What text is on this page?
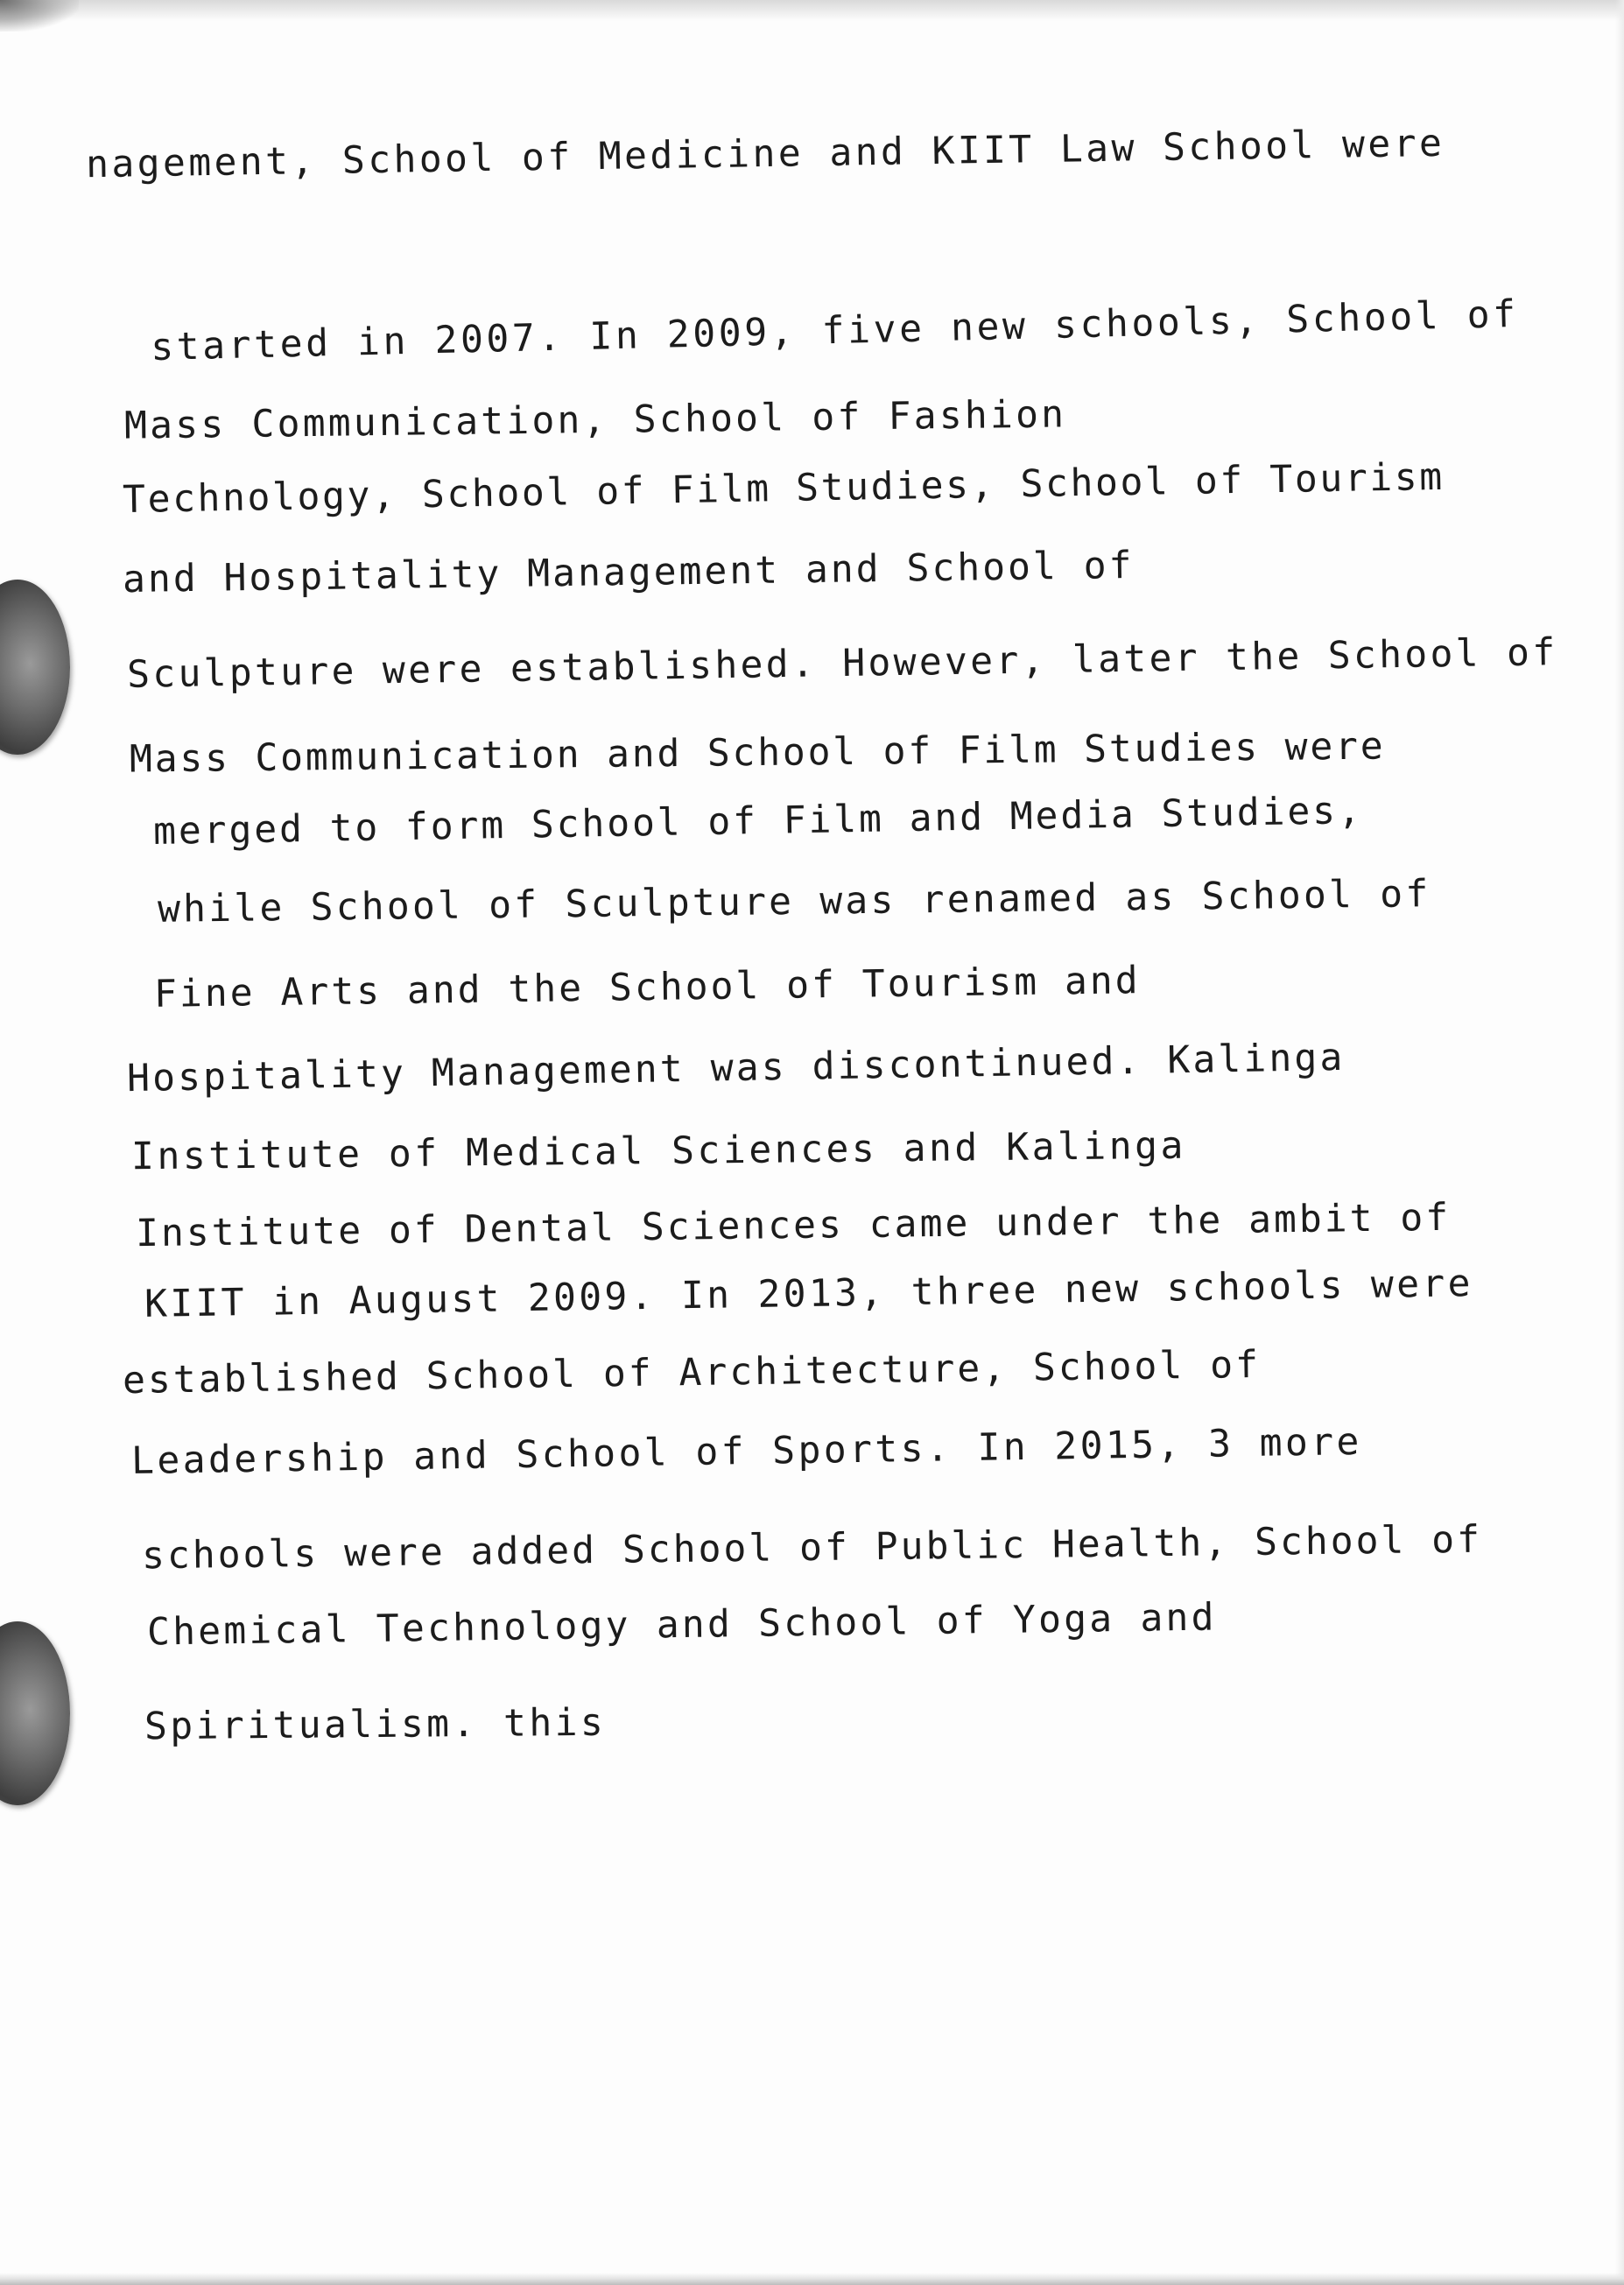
nagement, School of Medicine and KIIT Law School were

started in 2007. In 2009, five new schools, School of

Mass Communication, School of Fashion

Technology, School of Film Studies, School of Tourism

and Hospitality Management and School of

Sculpture were established. However, later the School of

Mass Communication and School of Film Studies were

merged to form School of Film and Media Studies,

while School of Sculpture was renamed as School of

Fine Arts and the School of Tourism and

Hospitality Management was discontinued. Kalinga

Institute of Medical Sciences and Kalinga

Institute of Dental Sciences came under the ambit of

KIIT in August 2009. In 2013, three new schools were

established School of Architecture, School of

Leadership and School of Sports. In 2015, 3 more

schools were added School of Public Health, School of

Chemical Technology and School of Yoga and

Spiritualism. this
